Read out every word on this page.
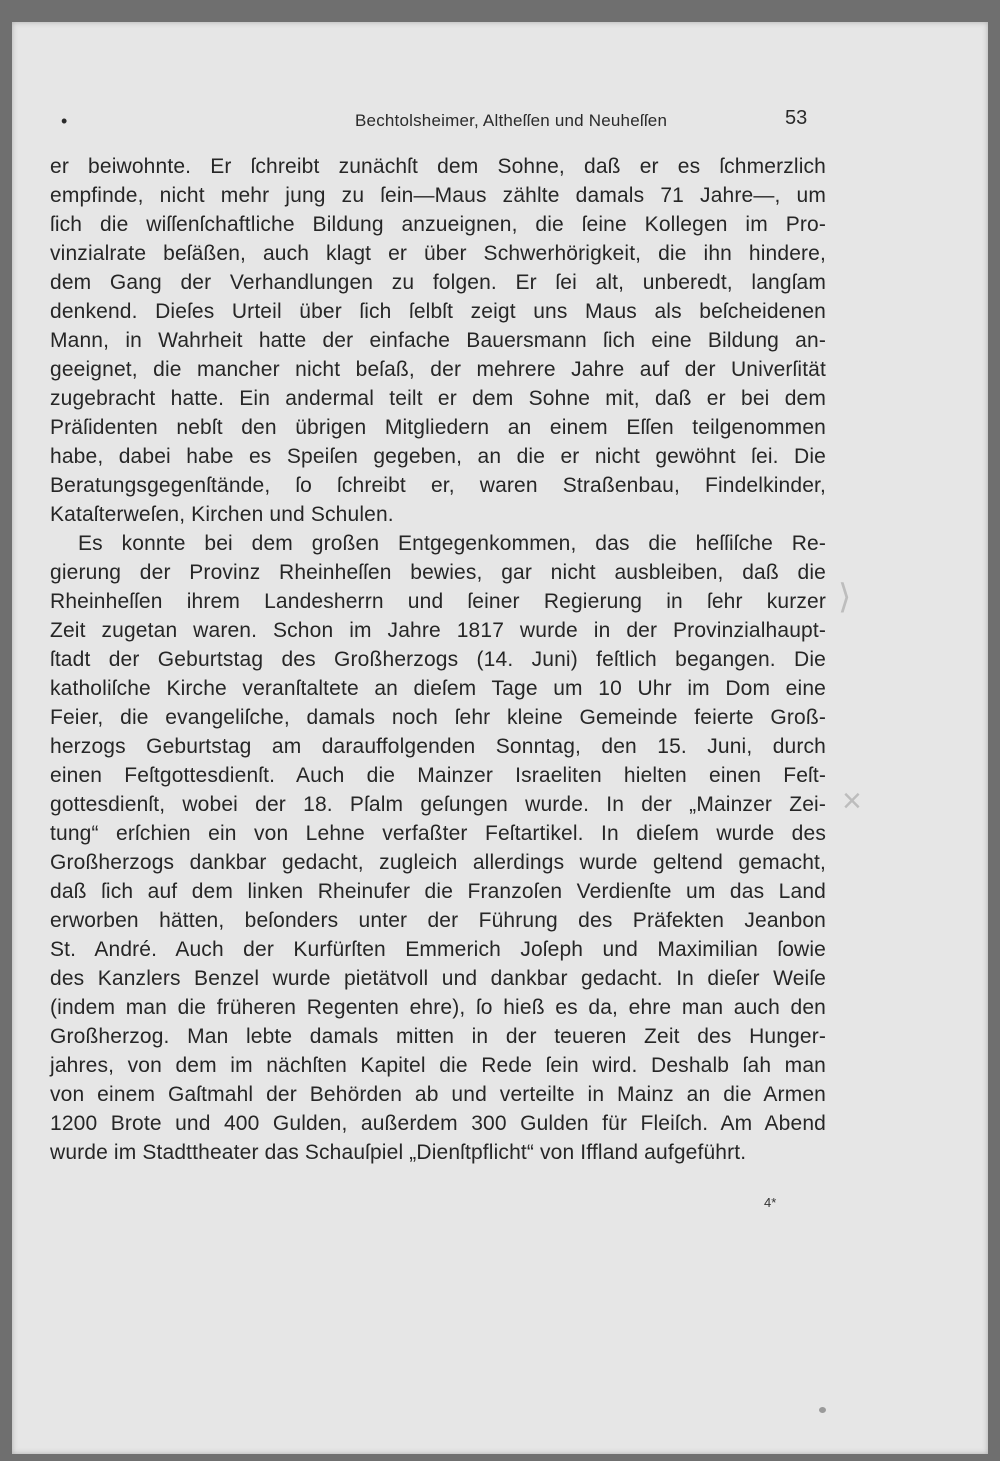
•	Bechtolsheimer, Altheſſen und Neuheſſen	53
er beiwohnte. Er ſchreibt zunächſt dem Sohne, daß er es ſchmerzlich
empfinde, nicht mehr jung zu ſein—Maus zählte damals 71 Jahre—, um
ſich die wiſſenſchaftliche Bildung anzueignen, die ſeine Kollegen im Pro-
vinzialrate beſäßen, auch klagt er über Schwerhörigkeit, die ihn hindere,
dem Gang der Verhandlungen zu folgen. Er ſei alt, unberedt, langſam
denkend. Dieſes Urteil über ſich ſelbſt zeigt uns Maus als beſcheidenen
Mann, in Wahrheit hatte der einfache Bauersmann ſich eine Bildung an-
geeignet, die mancher nicht beſaß, der mehrere Jahre auf der Univerſität
zugebracht hatte. Ein andermal teilt er dem Sohne mit, daß er bei dem
Präſidenten nebſt den übrigen Mitgliedern an einem Eſſen teilgenommen
habe, dabei habe es Speiſen gegeben, an die er nicht gewöhnt ſei. Die
Beratungsgegenſtände, ſo ſchreibt er, waren Straßenbau, Findelkinder,
Kataſterweſen, Kirchen und Schulen.
Es konnte bei dem großen Entgegenkommen, das die heſſiſche Re-
gierung der Provinz Rheinheſſen bewies, gar nicht ausbleiben, daß die
Rheinheſſen ihrem Landesherrn und ſeiner Regierung in ſehr kurzer
Zeit zugetan waren. Schon im Jahre 1817 wurde in der Provinzialhaupt-
ſtadt der Geburtstag des Großherzogs (14. Juni) feſtlich begangen. Die
katholiſche Kirche veranſtaltete an dieſem Tage um 10 Uhr im Dom eine
Feier, die evangeliſche, damals noch ſehr kleine Gemeinde feierte Groß-
herzogs Geburtstag am darauffolgenden Sonntag, den 15. Juni, durch
einen Feſtgottesdienſt. Auch die Mainzer Israeliten hielten einen Feſt-
gottesdienſt, wobei der 18. Pſalm geſungen wurde. In der „Mainzer Zei-
tung“ erſchien ein von Lehne verfaßter Feſtartikel. In dieſem wurde des
Großherzogs dankbar gedacht, zugleich allerdings wurde geltend gemacht,
daß ſich auf dem linken Rheinufer die Franzoſen Verdienſte um das Land
erworben hätten, beſonders unter der Führung des Präfekten Jeanbon
St. André. Auch der Kurfürſten Emmerich Joſeph und Maximilian ſowie
des Kanzlers Benzel wurde pietätvoll und dankbar gedacht. In dieſer Weiſe
(indem man die früheren Regenten ehre), ſo hieß es da, ehre man auch den
Großherzog. Man lebte damals mitten in der teueren Zeit des Hunger-
jahres, von dem im nächſten Kapitel die Rede ſein wird. Deshalb ſah man
von einem Gaſtmahl der Behörden ab und verteilte in Mainz an die Armen
1200 Brote und 400 Gulden, außerdem 300 Gulden für Fleiſch. Am Abend
wurde im Stadttheater das Schauſpiel „Dienſtpflicht“ von Iffland aufgeführt.
4*
⟩
×
